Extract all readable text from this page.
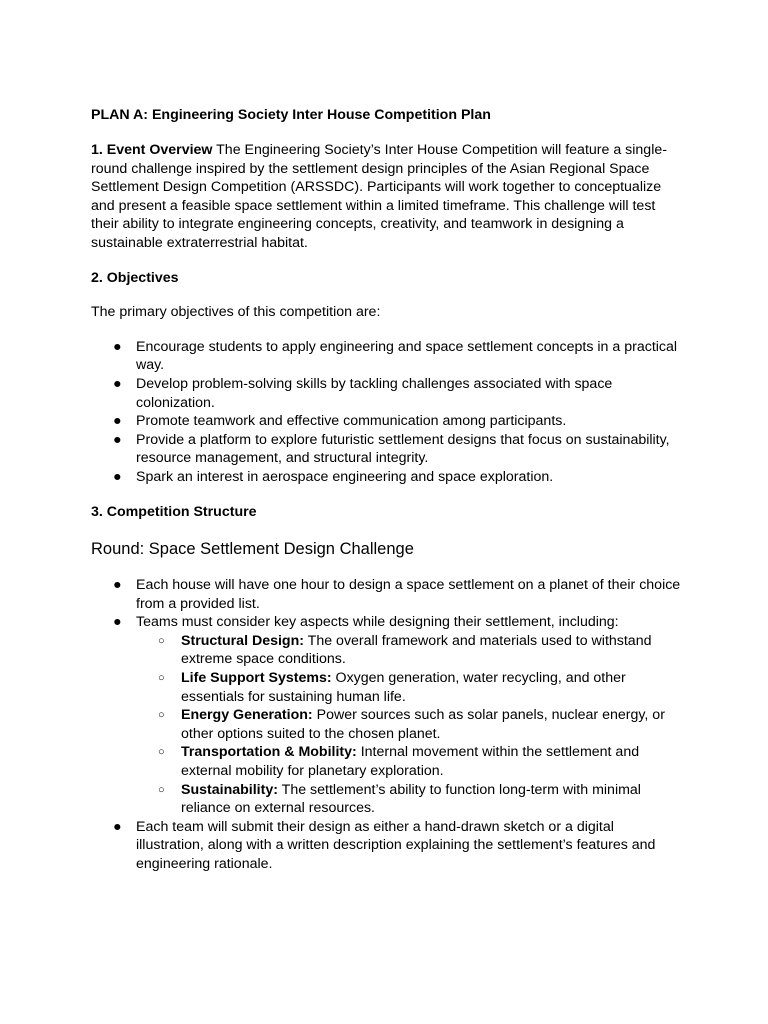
PLAN A: Engineering Society Inter House Competition Plan

1. Event Overview The Engineering Society’s Inter House Competition will feature a single-round challenge inspired by the settlement design principles of the Asian Regional Space Settlement Design Competition (ARSSDC). Participants will work together to conceptualize and present a feasible space settlement within a limited timeframe. This challenge will test their ability to integrate engineering concepts, creativity, and teamwork in designing a sustainable extraterrestrial habitat.

2. Objectives

The primary objectives of this competition are:

● Encourage students to apply engineering and space settlement concepts in a practical way.
● Develop problem-solving skills by tackling challenges associated with space colonization.
● Promote teamwork and effective communication among participants.
● Provide a platform to explore futuristic settlement designs that focus on sustainability, resource management, and structural integrity.
● Spark an interest in aerospace engineering and space exploration.

3. Competition Structure

Round: Space Settlement Design Challenge
● Each house will have one hour to design a space settlement on a planet of their choice from a provided list.
● Teams must consider key aspects while designing their settlement, including:
○ Structural Design: The overall framework and materials used to withstand extreme space conditions.
○ Life Support Systems: Oxygen generation, water recycling, and other essentials for sustaining human life.
○ Energy Generation: Power sources such as solar panels, nuclear energy, or other options suited to the chosen planet.
○ Transportation & Mobility: Internal movement within the settlement and external mobility for planetary exploration.
○ Sustainability: The settlement’s ability to function long-term with minimal reliance on external resources.
● Each team will submit their design as either a hand-drawn sketch or a digital illustration, along with a written description explaining the settlement’s features and engineering rationale.
